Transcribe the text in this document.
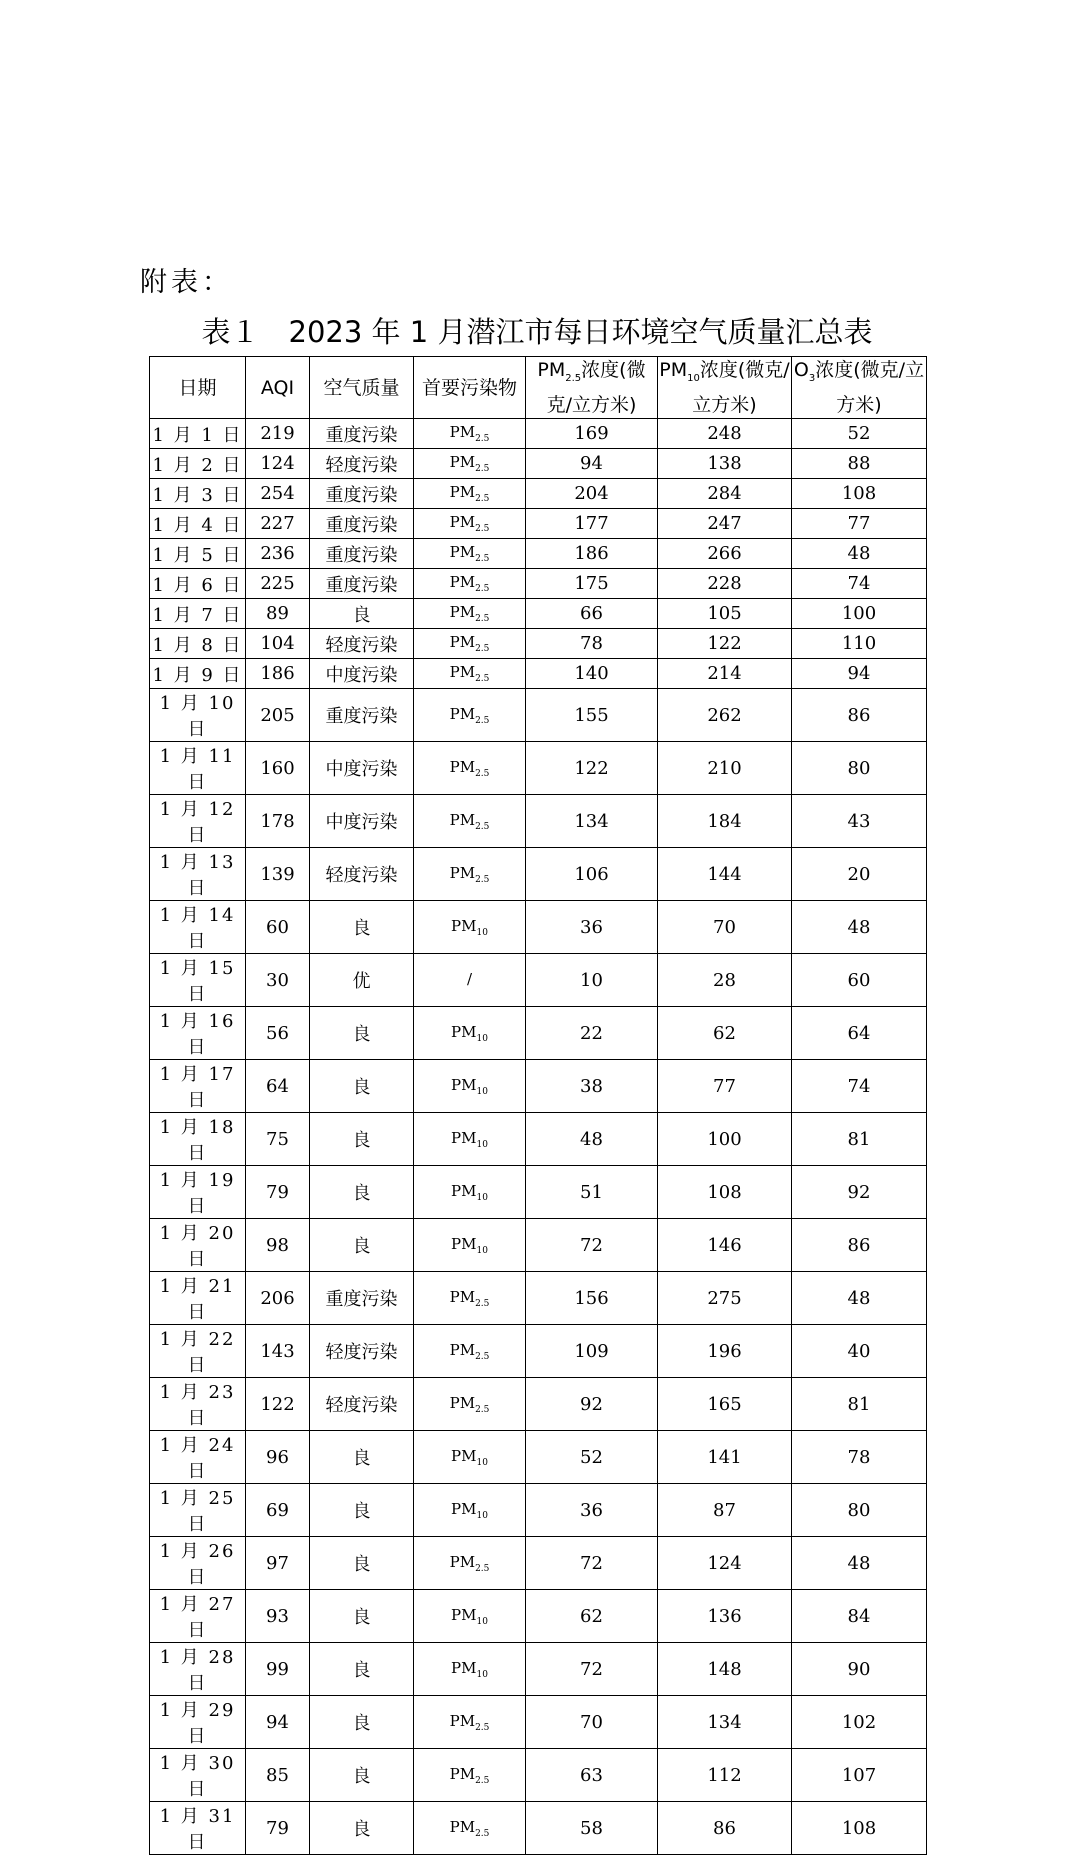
附表：
表１　2023 年 1 月潜江市每日环境空气质量汇总表
日期	AQI	空气质量	首要污染物	$PM_{2.5}$浓度(微克/立方米)	$PM_{10}$浓度(微克/立方米)	$O_3$浓度(微克/立方米)
1 月 1 日	219	重度污染	$PM_{2.5}$	169	248	52
1 月 2 日	124	轻度污染	$PM_{2.5}$	94	138	88
1 月 3 日	254	重度污染	$PM_{2.5}$	204	284	108
1 月 4 日	227	重度污染	$PM_{2.5}$	177	247	77
1 月 5 日	236	重度污染	$PM_{2.5}$	186	266	48
1 月 6 日	225	重度污染	$PM_{2.5}$	175	228	74
1 月 7 日	89	良	$PM_{2.5}$	66	105	100
1 月 8 日	104	轻度污染	$PM_{2.5}$	78	122	110
1 月 9 日	186	中度污染	$PM_{2.5}$	140	214	94
1 月 10 日	205	重度污染	$PM_{2.5}$	155	262	86
1 月 11 日	160	中度污染	$PM_{2.5}$	122	210	80
1 月 12 日	178	中度污染	$PM_{2.5}$	134	184	43
1 月 13 日	139	轻度污染	$PM_{2.5}$	106	144	20
1 月 14 日	60	良	$PM_{10}$	36	70	48
1 月 15 日	30	优	/	10	28	60
1 月 16 日	56	良	$PM_{10}$	22	62	64
1 月 17 日	64	良	$PM_{10}$	38	77	74
1 月 18 日	75	良	$PM_{10}$	48	100	81
1 月 19 日	79	良	$PM_{10}$	51	108	92
1 月 20 日	98	良	$PM_{10}$	72	146	86
1 月 21 日	206	重度污染	$PM_{2.5}$	156	275	48
1 月 22 日	143	轻度污染	$PM_{2.5}$	109	196	40
1 月 23 日	122	轻度污染	$PM_{2.5}$	92	165	81
1 月 24 日	96	良	$PM_{10}$	52	141	78
1 月 25 日	69	良	$PM_{10}$	36	87	80
1 月 26 日	97	良	$PM_{2.5}$	72	124	48
1 月 27 日	93	良	$PM_{10}$	62	136	84
1 月 28 日	99	良	$PM_{10}$	72	148	90
1 月 29 日	94	良	$PM_{2.5}$	70	134	102
1 月 30 日	85	良	$PM_{2.5}$	63	112	107
1 月 31 日	79	良	$PM_{2.5}$	58	86	108
